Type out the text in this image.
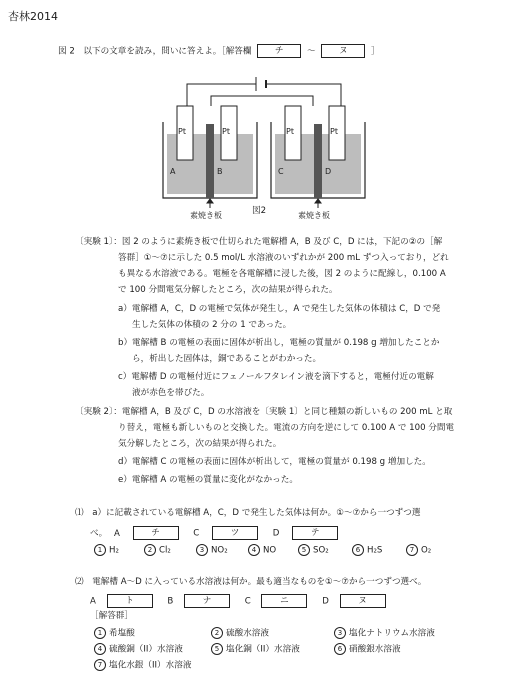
杏林2014
図 2　以下の文章を読み，問いに答えよ。［解答欄	チ	～	ヌ	］
Pt	Pt	Pt	Pt
A	B	C	D
素焼き板	素焼き板
図2
〔実験 1〕：図 2 のように素焼き板で仕切られた電解槽 A，B 及び C，D には，下記の②の［解
答群］①～⑦に示した 0.5 mol/L 水溶液のいずれかが 200 mL ずつ入っており，どれ
も異なる水溶液である。電極を各電解槽に浸した後，図 2 のように配線し，0.100 A
で 100 分間電気分解したところ，次の結果が得られた。
a）電解槽 A，C，D の電極で気体が発生し，A で発生した気体の体積は C，D で発
生した気体の体積の 2 分の 1 であった。
b）電解槽 B の電極の表面に固体が析出し，電極の質量が 0.198 g 増加したことか
ら，析出した固体は，銅であることがわかった。
c）電解槽 D の電極付近にフェノールフタレイン液を滴下すると，電極付近の電解
液が赤色を帯びた。
〔実験 2〕：電解槽 A，B 及び C，D の水溶液を〔実験 1〕と同じ種類の新しいもの 200 mL と取
り替え，電極も新しいものと交換した。電流の方向を逆にして 0.100 A で 100 分間電
気分解したところ，次の結果が得られた。
d）電解槽 C の電極の表面に固体が析出して，電極の質量が 0.198 g 増加した。
e）電解槽 A の電極の質量に変化がなかった。
⑴　a）に記載されている電解槽 A，C，D で発生した気体は何か。①～⑦から一つずつ選
べ。 A	チ	C	ツ	D	テ
1 H₂	2 Cl₂	3 NO₂	4 NO	5 SO₂	6 H₂S	7 O₂
⑵　電解槽 A～D に入っている水溶液は何か。最も適当なものを①～⑦から一つずつ選べ。
A	ト	B	ナ	C	ニ	D	ヌ
［解答群］
1 希塩酸	2 硫酸水溶液	3 塩化ナトリウム水溶液
4 硫酸銅（II）水溶液	5 塩化銅（II）水溶液	6 硝酸銀水溶液
7 塩化水銀（II）水溶液
